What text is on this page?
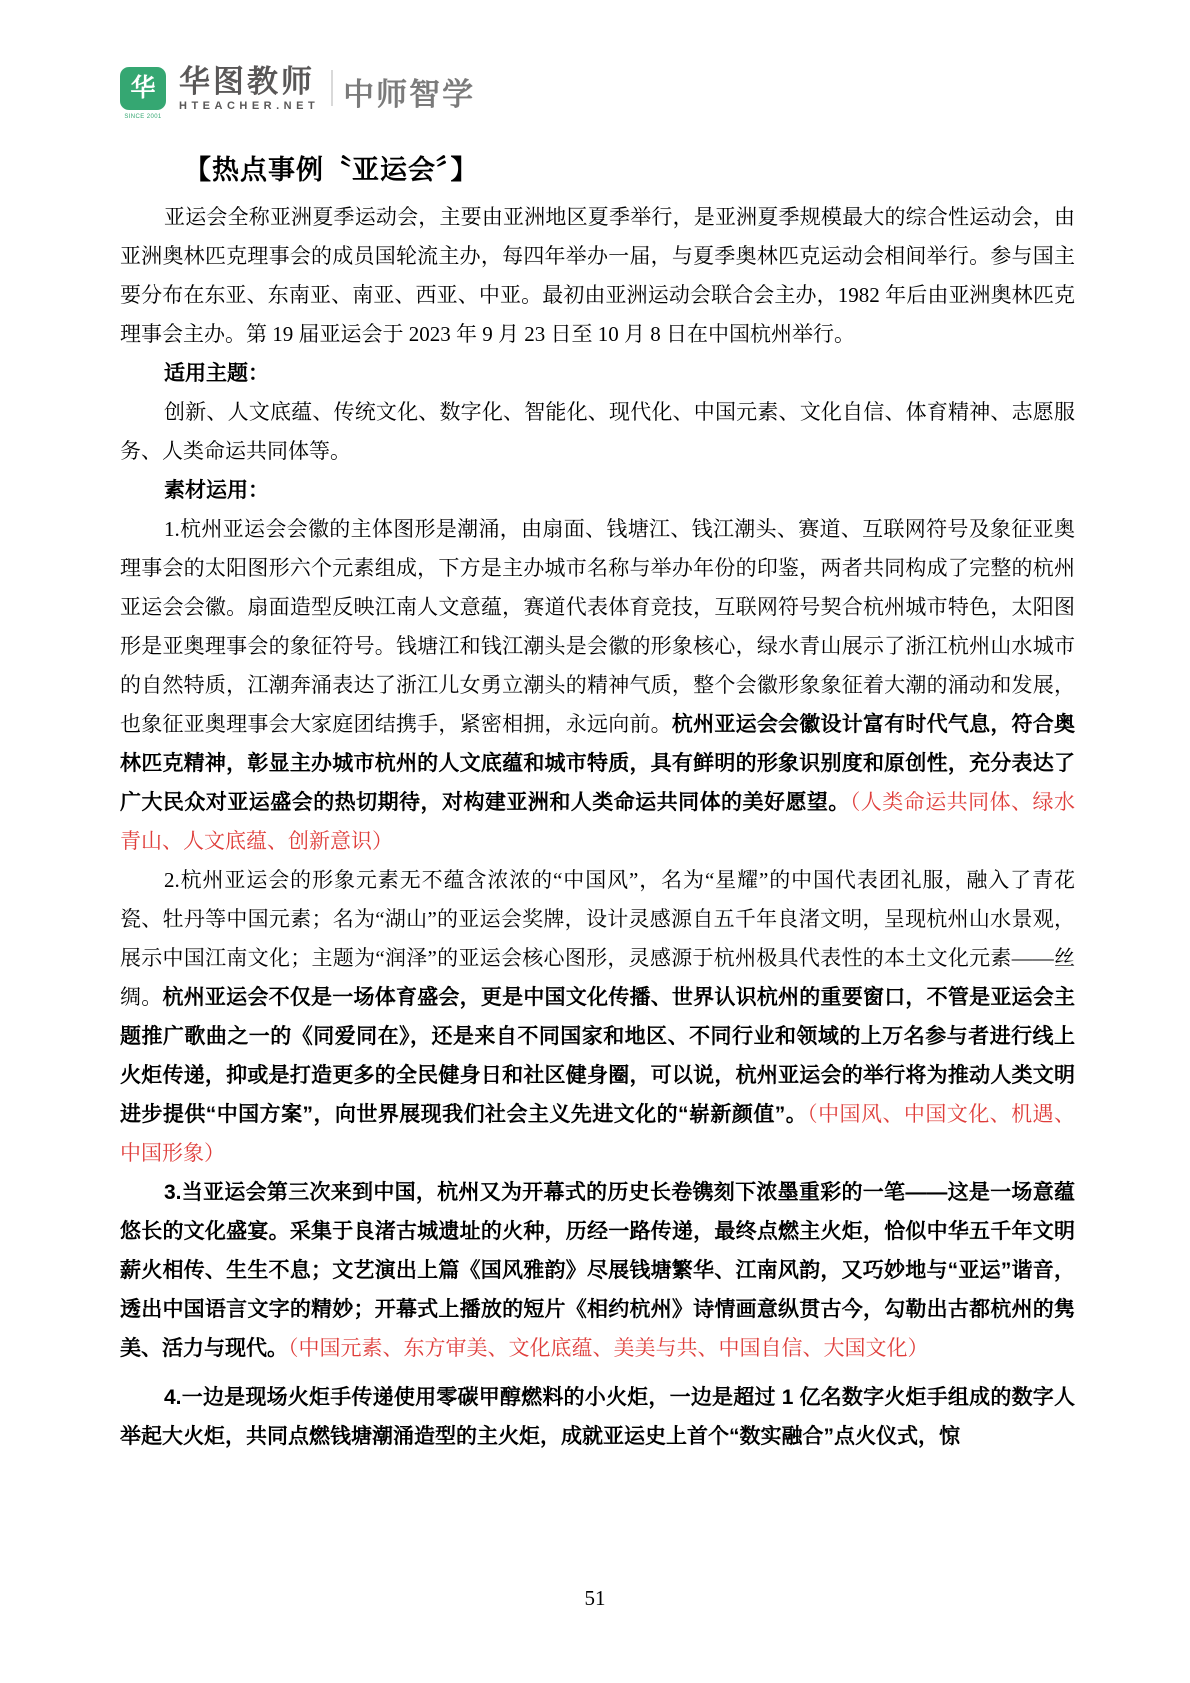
华
SINCE 2001
华图教师
HTEACHER.NET 中师智学
【热点事例〝亚运会〞】

亚运会全称亚洲夏季运动会，主要由亚洲地区夏季举行，是亚洲夏季规模最大的综合性运动会，由亚洲奥林匹克理事会的成员国轮流主办，每四年举办一届，与夏季奥林匹克运动会相间举行。参与国主要分布在东亚、东南亚、南亚、西亚、中亚。最初由亚洲运动会联合会主办，1982 年后由亚洲奥林匹克理事会主办。第 19 届亚运会于 2023 年 9 月 23 日至 10 月 8 日在中国杭州举行。

适用主题：

创新、人文底蕴、传统文化、数字化、智能化、现代化、中国元素、文化自信、体育精神、志愿服务、人类命运共同体等。

素材运用：

1.杭州亚运会会徽的主体图形是潮涌，由扇面、钱塘江、钱江潮头、赛道、互联网符号及象征亚奥理事会的太阳图形六个元素组成，下方是主办城市名称与举办年份的印鉴，两者共同构成了完整的杭州亚运会会徽。扇面造型反映江南人文意蕴，赛道代表体育竞技，互联网符号契合杭州城市特色，太阳图形是亚奥理事会的象征符号。钱塘江和钱江潮头是会徽的形象核心，绿水青山展示了浙江杭州山水城市的自然特质，江潮奔涌表达了浙江儿女勇立潮头的精神气质，整个会徽形象象征着大潮的涌动和发展，也象征亚奥理事会大家庭团结携手，紧密相拥，永远向前。杭州亚运会会徽设计富有时代气息，符合奥林匹克精神，彰显主办城市杭州的人文底蕴和城市特质，具有鲜明的形象识别度和原创性，充分表达了广大民众对亚运盛会的热切期待，对构建亚洲和人类命运共同体的美好愿望。（人类命运共同体、绿水青山、人文底蕴、创新意识）

2.杭州亚运会的形象元素无不蕴含浓浓的“中国风”，名为“星耀”的中国代表团礼服，融入了青花瓷、牡丹等中国元素；名为“湖山”的亚运会奖牌，设计灵感源自五千年良渚文明，呈现杭州山水景观，展示中国江南文化；主题为“润泽”的亚运会核心图形，灵感源于杭州极具代表性的本土文化元素——丝绸。杭州亚运会不仅是一场体育盛会，更是中国文化传播、世界认识杭州的重要窗口，不管是亚运会主题推广歌曲之一的《同爱同在》，还是来自不同国家和地区、不同行业和领域的上万名参与者进行线上火炬传递，抑或是打造更多的全民健身日和社区健身圈，可以说，杭州亚运会的举行将为推动人类文明进步提供“中国方案”，向世界展现我们社会主义先进文化的“崭新颜值”。（中国风、中国文化、机遇、中国形象）

3.当亚运会第三次来到中国，杭州又为开幕式的历史长卷镌刻下浓墨重彩的一笔——这是一场意蕴悠长的文化盛宴。采集于良渚古城遗址的火种，历经一路传递，最终点燃主火炬，恰似中华五千年文明薪火相传、生生不息；文艺演出上篇《国风雅韵》尽展钱塘繁华、江南风韵，又巧妙地与“亚运”谐音，透出中国语言文字的精妙；开幕式上播放的短片《相约杭州》诗情画意纵贯古今，勾勒出古都杭州的隽美、活力与现代。（中国元素、东方审美、文化底蕴、美美与共、中国自信、大国文化）

4.一边是现场火炬手传递使用零碳甲醇燃料的小火炬，一边是超过 1 亿名数字火炬手组成的数字人举起大火炬，共同点燃钱塘潮涌造型的主火炬，成就亚运史上首个“数实融合”点火仪式，惊

51
